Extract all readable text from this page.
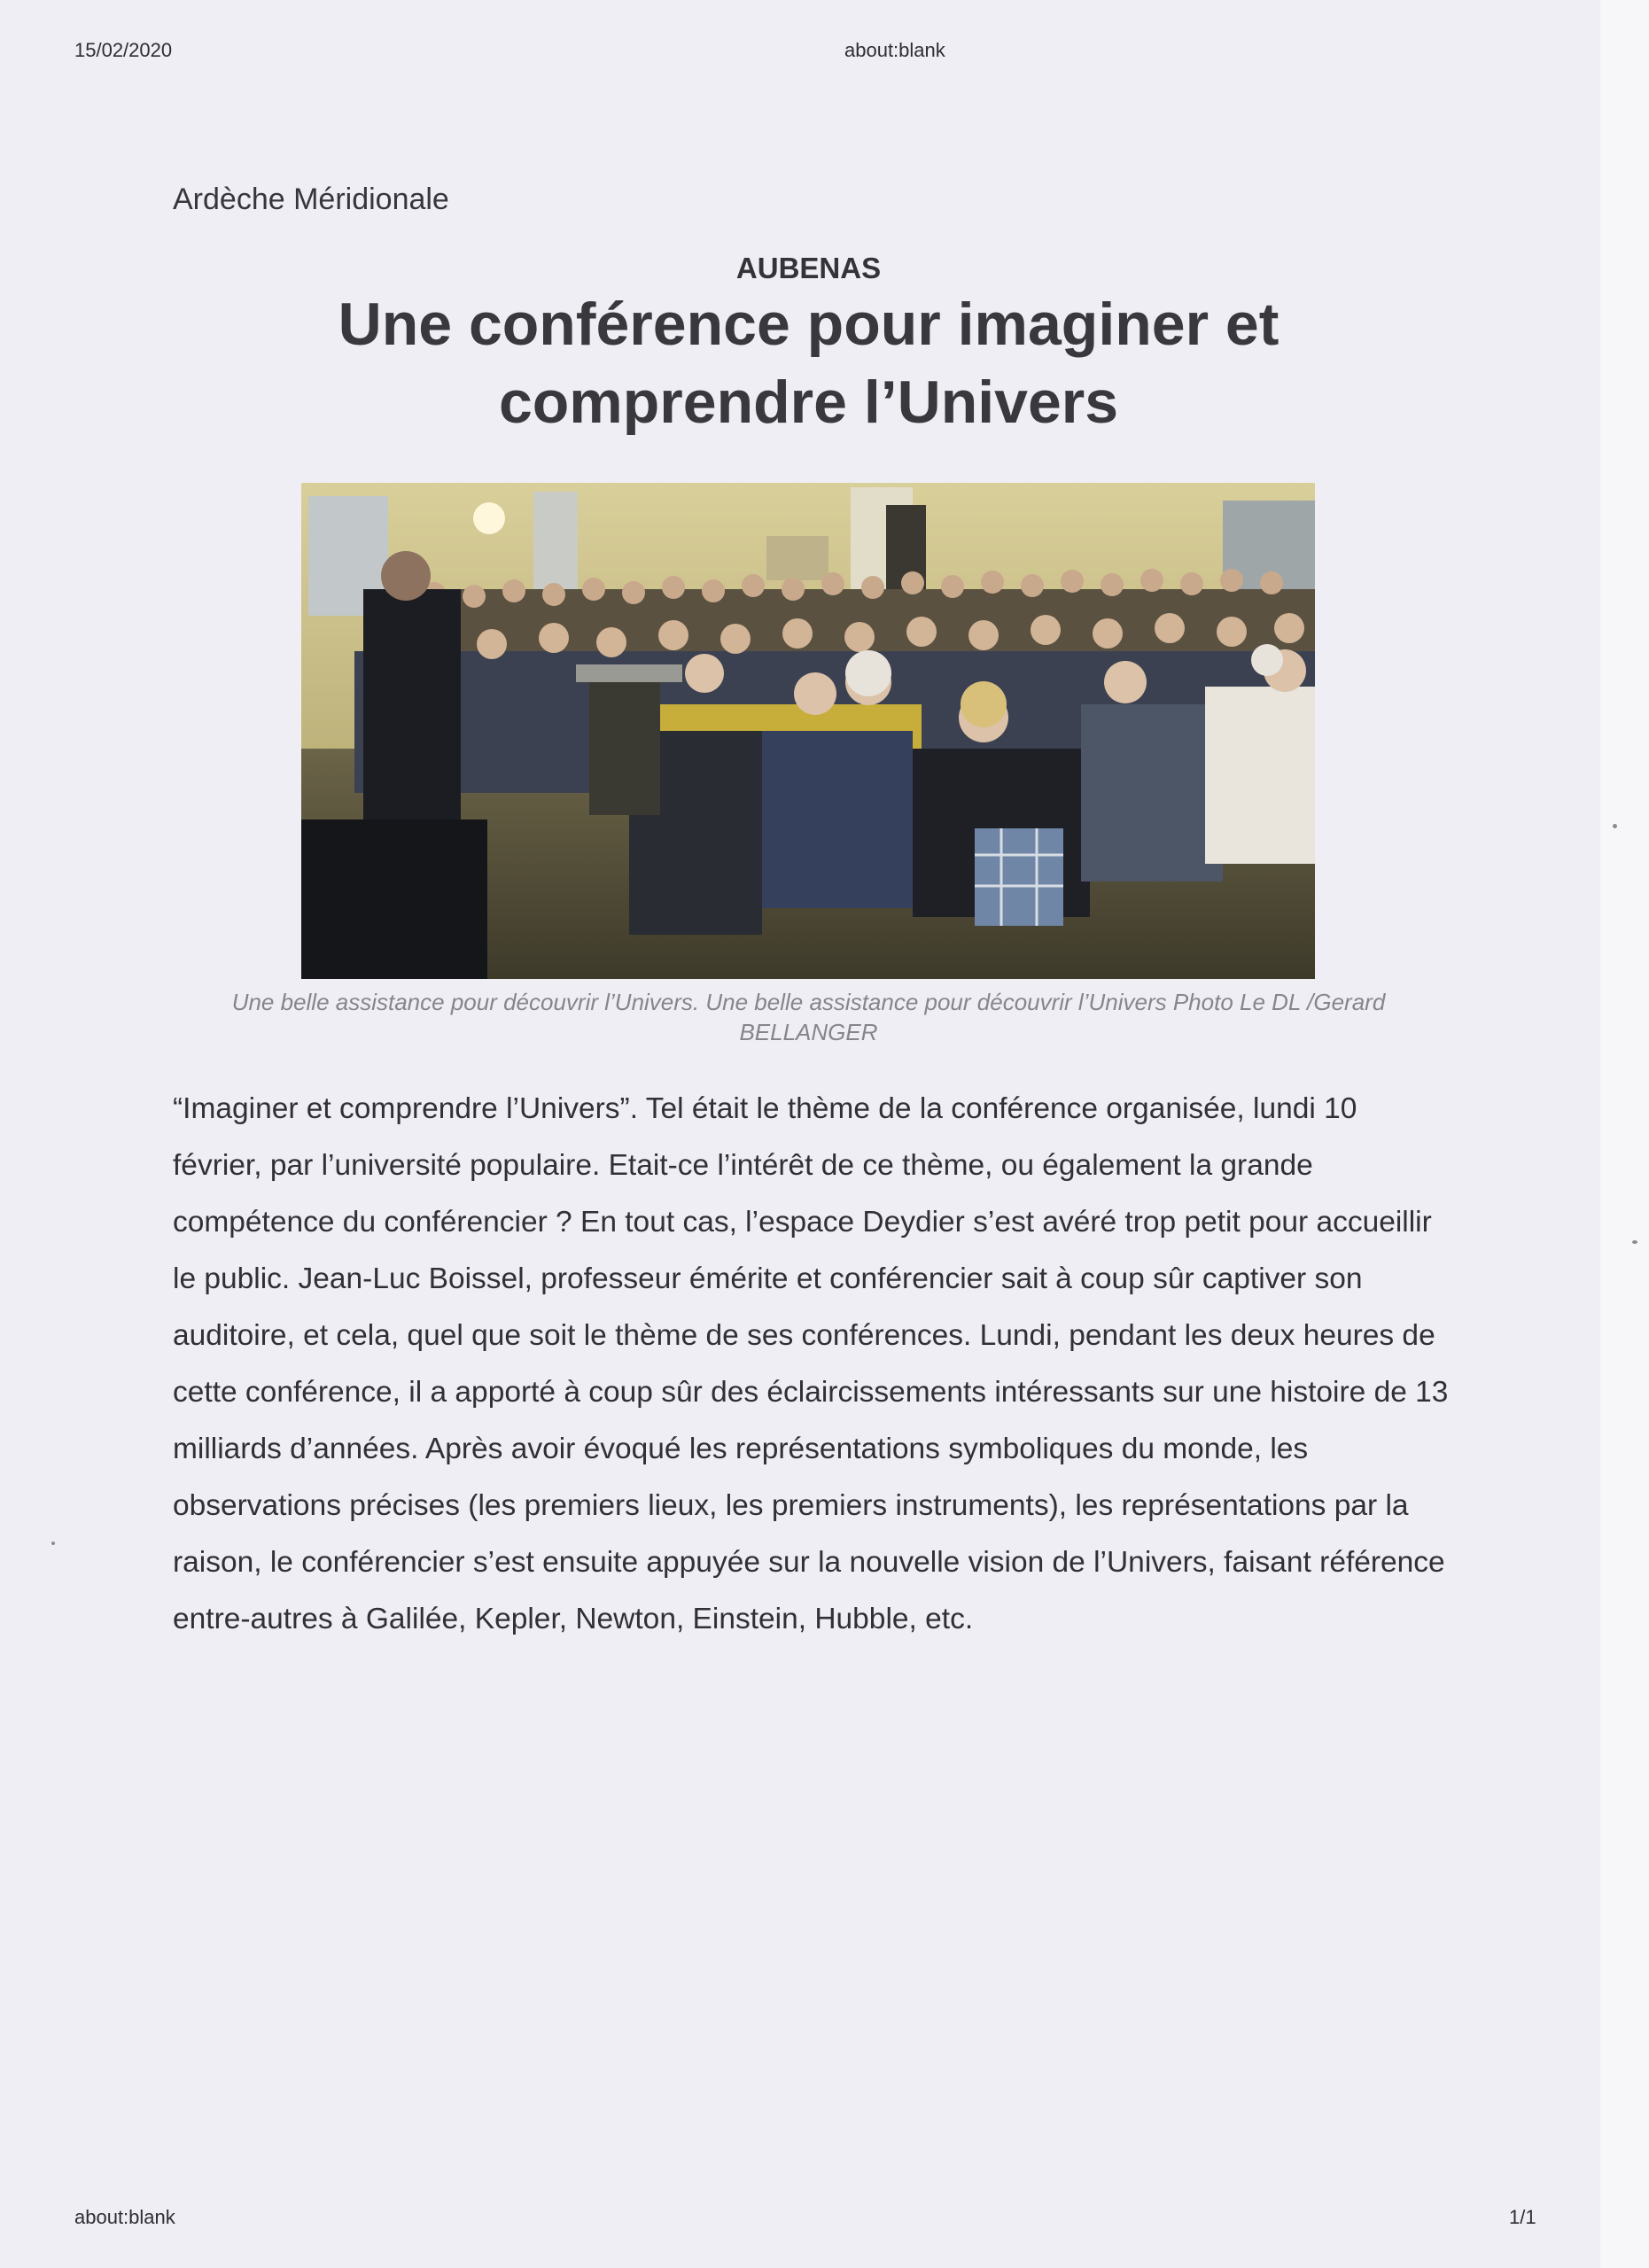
15/02/2020	about:blank
Ardèche Méridionale
AUBENAS
Une conférence pour imaginer et comprendre l’Univers
Une belle assistance pour découvrir l’Univers. Une belle assistance pour découvrir l’Univers Photo Le DL /Gerard BELLANGER

“Imaginer et comprendre l’Univers”. Tel était le thème de la conférence organisée, lundi 10 février, par l’université populaire. Etait-ce l’intérêt de ce thème, ou également la grande compétence du conférencier ? En tout cas, l’espace Deydier s’est avéré trop petit pour accueillir le public. Jean-Luc Boissel, professeur émérite et conférencier sait à coup sûr captiver son auditoire, et cela, quel que soit le thème de ses conférences. Lundi, pendant les deux heures de cette conférence, il a apporté à coup sûr des éclaircissements intéressants sur une histoire de 13 milliards d’années. Après avoir évoqué les représentations symboliques du monde, les observations précises (les premiers lieux, les premiers instruments), les représentations par la raison, le conférencier s’est ensuite appuyée sur la nouvelle vision de l’Univers, faisant référence entre-autres à Galilée, Kepler, Newton, Einstein, Hubble, etc.

about:blank	1/1
